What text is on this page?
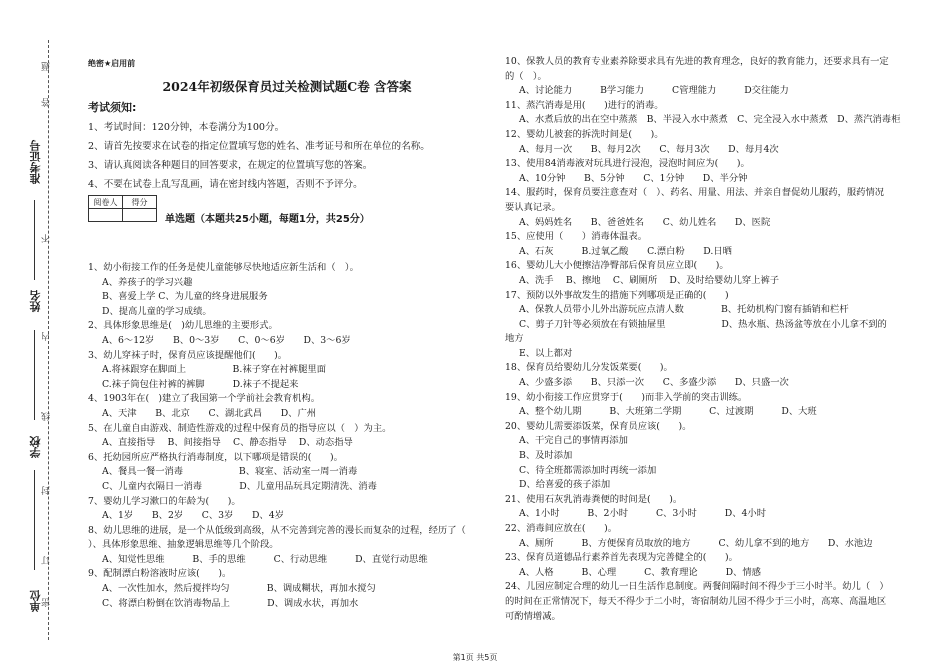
准考证号
姓名
学校
单位
题
答
不
内
线
封
订
密
绝密★启用前
2024年初级保育员过关检测试题C卷 含答案
考试须知:
1、考试时间：120分钟，本卷满分为100分。
2、请首先按要求在试卷的指定位置填写您的姓名、准考证号和所在单位的名称。
3、请认真阅读各种题目的回答要求，在规定的位置填写您的答案。
4、不要在试卷上乱写乱画，请在密封线内答题，否则不予评分。
阅卷人	得分

单选题（本题共25小题，每题1分，共25分）
1、幼小衔接工作的任务是使儿童能够尽快地适应新生活和（　）。
A、养孩子的学习兴趣
B、喜爱上学 C、为儿童的终身进展服务
D、提高儿童的学习成绩。
2、具体形象思维是(　)幼儿思维的主要形式。
A、6～12岁　　B、0～3岁　　C、0～6岁　　D、3～6岁
3、幼儿穿袜子时，保育员应该提醒他们(　　)。
A.将袜跟穿在脚面上　　　　　B.袜子穿在衬裤腿里面
C.袜子筒包住衬裤的裤脚　　　D.袜子不提起来
4、1903年在(　)建立了我国第一个学前社会教育机构。
A、天津　　B、北京　　C、湖北武昌　　D、广州
5、在儿童自由游戏、制造性游戏的过程中保育员的指导应以（　）为主。
A、直接指导　 B、间接指导　 C、静态指导　 D、动态指导
6、托幼园所应严格执行消毒制度，以下哪项是错误的(　　)。
A、餐具一餐一消毒　　　　　　B、寝室、活动室一周一消毒
C、儿童内衣隔日一消毒　　　　D、儿童用品玩具定期清洗、消毒
7、婴幼儿学习漱口的年龄为(　　)。
A、1岁　　B、2岁　　C、3岁　　D、4岁
8、幼儿思维的进展，是一个从低级到高级，从不完善到完善的漫长而复杂的过程，经历了（
）、具体形象思维、抽象逻辑思维等几个阶段。
A、知觉性思维　　　B、手的思维　　　C、行动思维　　　D、直觉行动思维
9、配制漂白粉溶液时应该(　　)。
A、一次性加水，然后搅拌均匀　　　　B、调成糊状，再加水搅匀
C、将漂白粉倒在饮消毒物品上　　　　D、调成水状，再加水
10、保教人员的教育专业素养除要求具有先进的教育理念，良好的教育能力，还要求具有一定
的（　）。
A、讨论能力　　　B学习能力　　　C管理能力　　　D交往能力
11、蒸汽消毒是用(　　)进行的消毒。
A、水煮后放的出在空中蒸蒸　B、半浸入水中蒸煮　C、完全浸入水中蒸煮　D、蒸汽消毒柜
12、婴幼儿被套的拆洗时间是(　　)。
A、每月一次　　B、每月2次　　C、每月3次　　D、每月4次
13、使用84消毒液对玩具进行浸泡，浸泡时间应为(　　)。
A、10分钟　　B、5分钟　　C、1分钟　　D、半分钟
14、服药时，保育员要注意查对（　）、药名、用量、用法、并亲自督促幼儿服药，服药情况
要认真记录。
A、妈妈姓名　　B、爸爸姓名　　C、幼儿姓名　　D、医院
15、应使用（　　）消毒体温表。
A、石灰　　　B.过氧乙酸　　C.漂白粉　　D.日晒
16、婴幼儿大小便擦洁净臀部后保育员应立即(　　)。
A、洗手　 B、擦地　 C、刷厕所　 D、及时给婴幼儿穿上裤子
17、预防以外事故发生的措施下列哪项是正确的(　　)
A、保教人员带小儿外出游玩应点清人数　　　　B、托幼机构门窗有插销和栏杆
C、剪子刀针等必须放在有锁抽屉里　　　　　　D、热水瓶、热汤盆等放在小儿拿不到的
地方
E、以上都对
18、保育员给婴幼儿分发饭菜要(　　)。
A、少盛多添　　B、只添一次　　C、多盛少添　　D、只盛一次
19、幼小衔接工作应贯穿于(　　)而非入学前的突击训练。
A、整个幼儿期　　　B、大班第二学期　　　C、过渡期　　　D、大班
20、婴幼儿需要添饭菜，保育员应该(　　)。
A、干完自己的事情再添加
B、及时添加
C、待全班都需添加时再统一添加
D、给喜爱的孩子添加
21、使用石灰乳消毒粪便的时间是(　　)。
A、1小时　　　B、2小时　　　C、3小时　　　D、4小时
22、消毒间应放在(　　)。
A、厕所　　　B、方便保育员取放的地方　　　C、幼儿拿不到的地方　　D、水池边
23、保育员道德品行素养首先表现为完善健全的(　　)。
A、人格　　　B、心理　　　C、教育理论　　　D、情感
24、儿园应制定合理的幼儿一日生活作息制度。两餐间隔时间不得少于三小时半。幼儿（　）
的时间在正常情况下，每天不得少于二小时，寄宿制幼儿园不得少于三小时，高寒、高温地区
可酌情增减。
第1页 共5页
